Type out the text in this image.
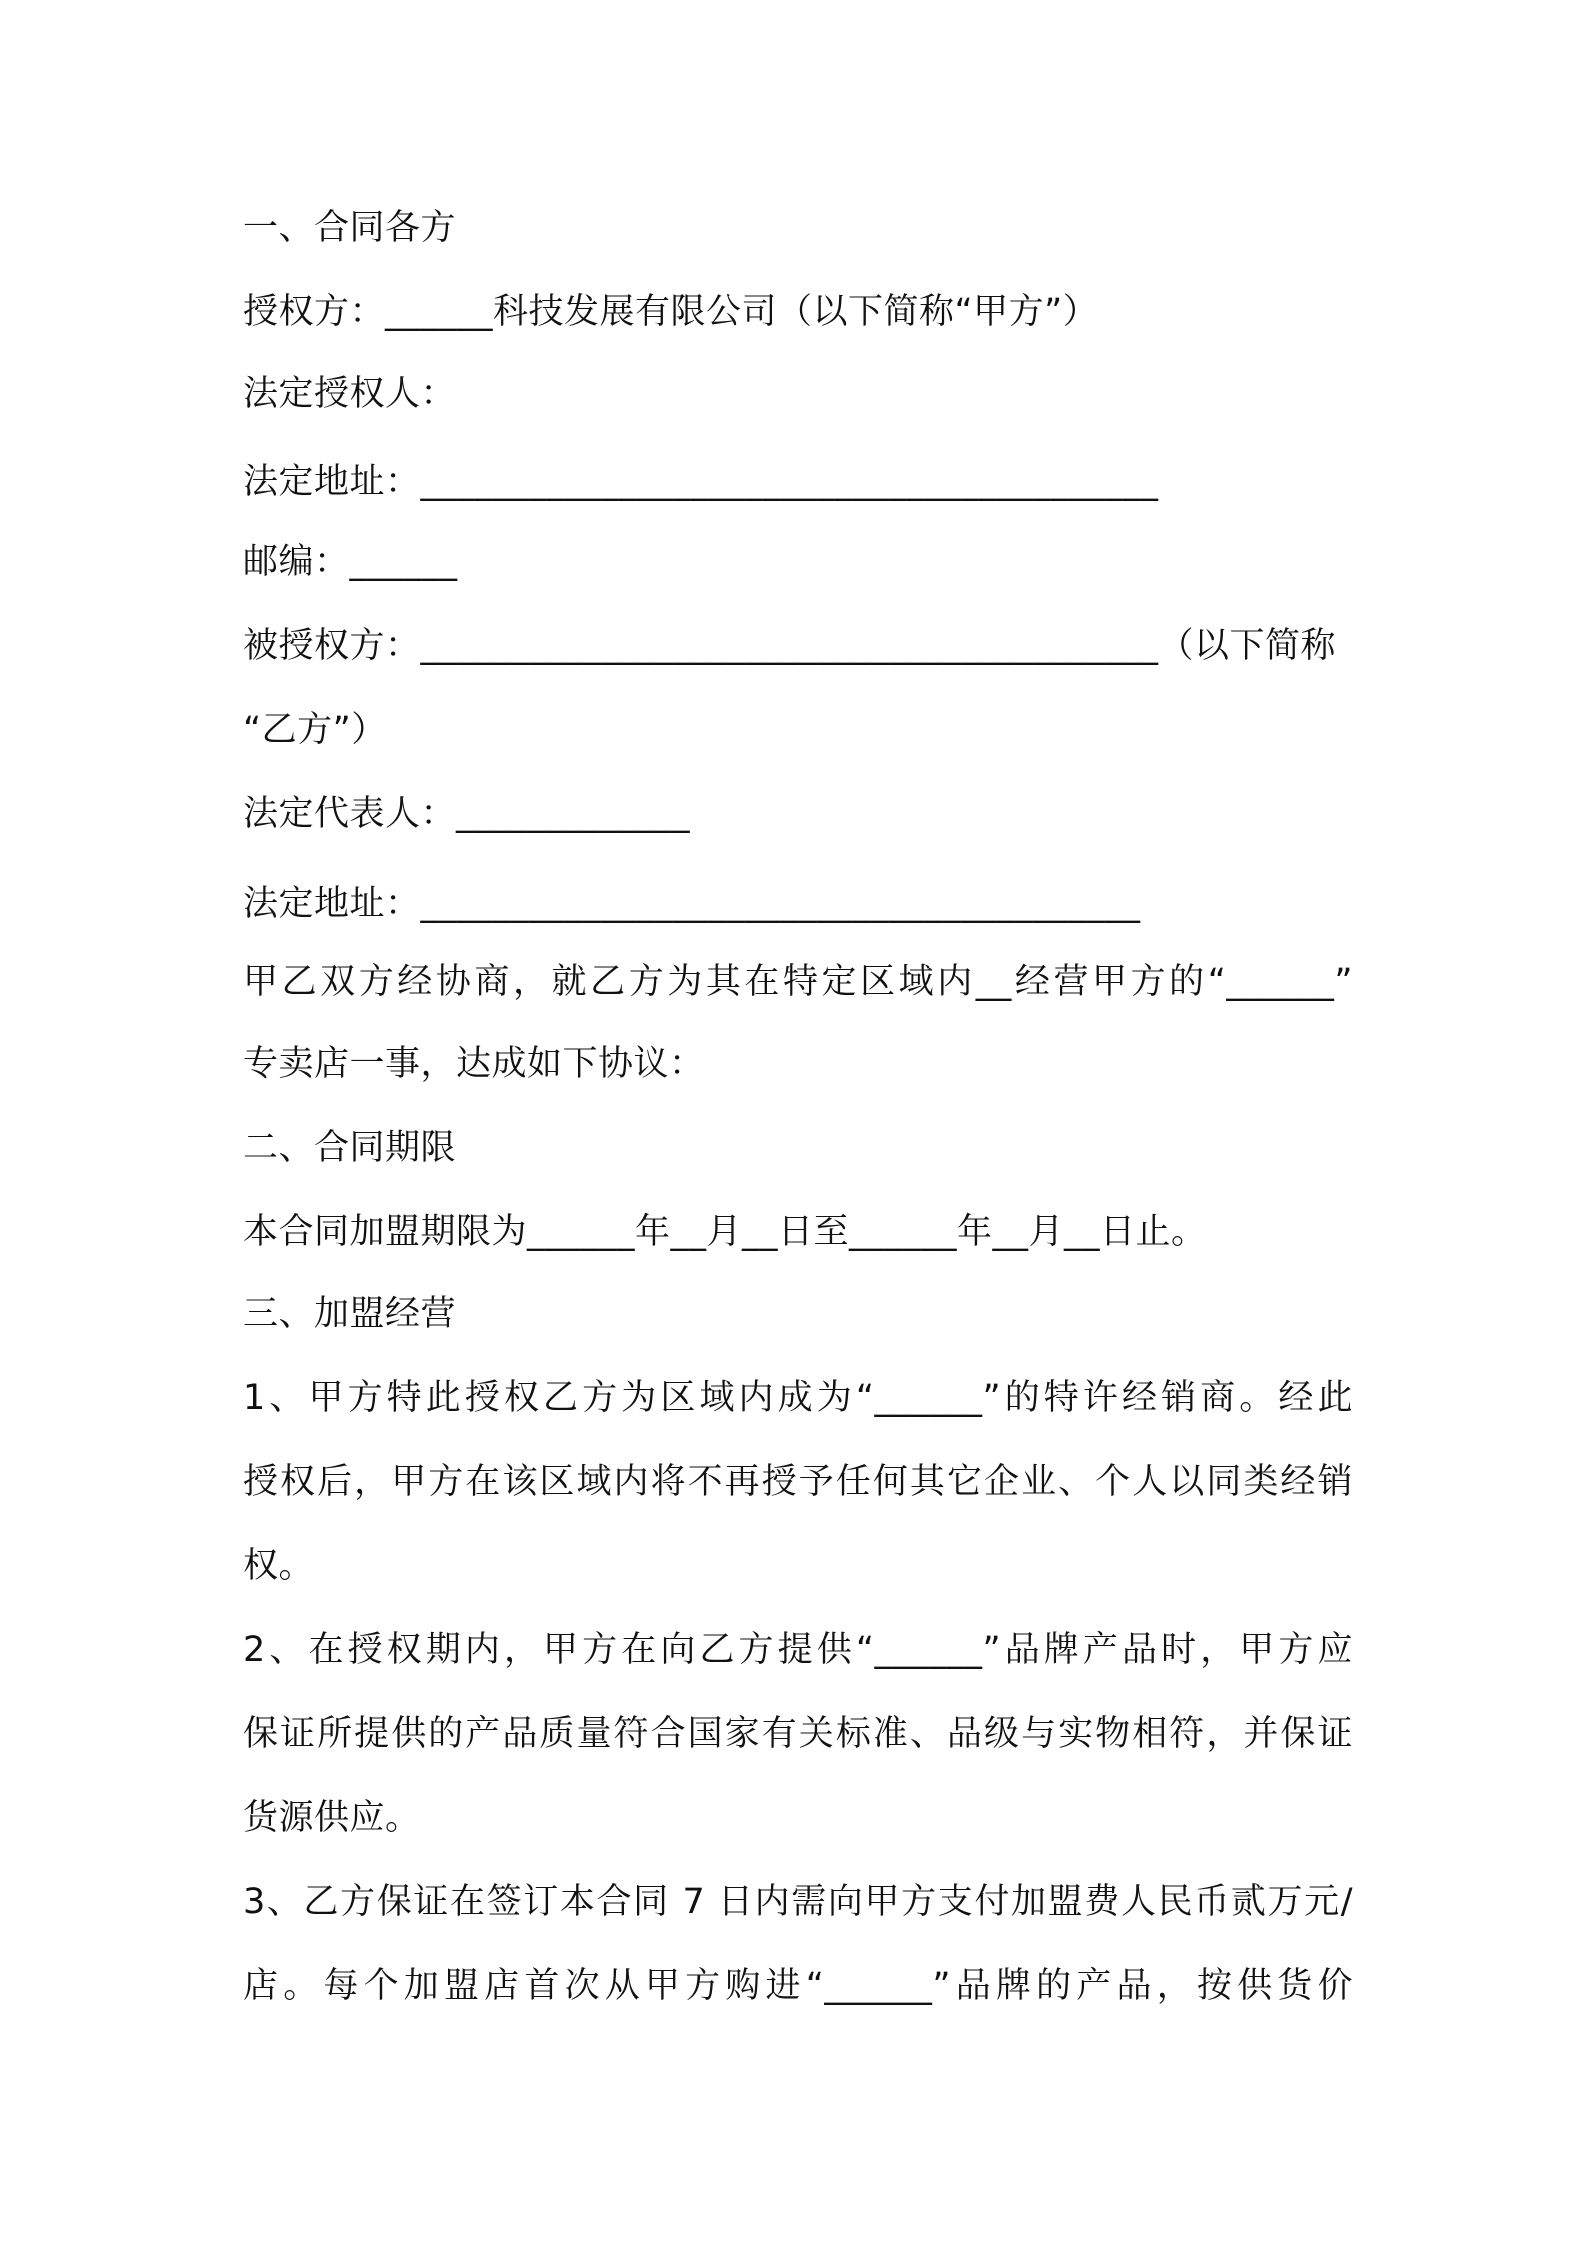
一、合同各方
授权方：______科技发展有限公司（以下简称“甲方”）
法定授权人：
法定地址：_________________________________________
邮编：______
被授权方：_________________________________________（以下简称
“乙方”）
法定代表人：_____________
法定地址：________________________________________
甲乙双方经协商，就乙方为其在特定区域内__经营甲方的“______”
专卖店一事，达成如下协议：
二、合同期限
本合同加盟期限为______年__月__日至______年__月__日止。
三、加盟经营
1、甲方特此授权乙方为区域内成为“______”的特许经销商。经此
授权后，甲方在该区域内将不再授予任何其它企业、个人以同类经销
权。
2、在授权期内，甲方在向乙方提供“______”品牌产品时，甲方应
保证所提供的产品质量符合国家有关标准、品级与实物相符，并保证
货源供应。
3、乙方保证在签订本合同 7 日内需向甲方支付加盟费人民币贰万元/
店。每个加盟店首次从甲方购进“______”品牌的产品，按供货价
